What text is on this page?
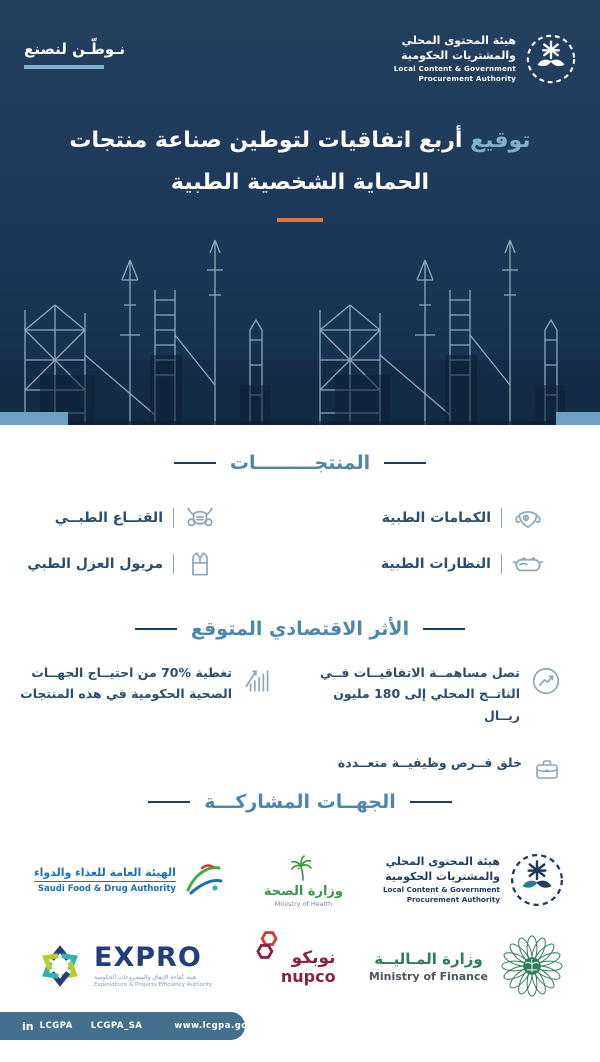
نـوطّـن لنصنع	هيئة المحتوى المحلي
والمشتريات الحكومية
Local Content & Government
Procurement Authority
توقيع أربع اتفاقيات لتوطين صناعة منتجات
الحماية الشخصية الطبية
المنتجـــــــــات
الكمامات الطبية
القنــاع الطبــي
النظارات الطبية
مريول العزل الطبي
الأثر الاقتصادي المتوقع
تصل مساهمــة الاتفاقيــات فــي
الناتــج المحلي إلى 180 مليون ريــال
تغطية %70 من احتيــاج الجهــات
الصحية الحكومية في هذه المنتجات
خلق فــرص وظيفيــة متعــددة
الجهــات المشاركـــة
الهيئة العامة للغذاء والدواء
Saudi Food & Drug Authority	وزارة الصحة
Ministry of Health
هيئة المحتوى المحلي
والمشتريات الحكومية
Local Content & Government
Procurement Authority
EXPRO
هيئة كفاءة الإنفاق والمشروعات الحكومية
Expenditure & Projects Efficiency Authority
نوبكو
nupco
وزارة المـاليــة
Ministry of Finance
in LCGPA LCGPA_SA	www.lcgpa.gov.sa
